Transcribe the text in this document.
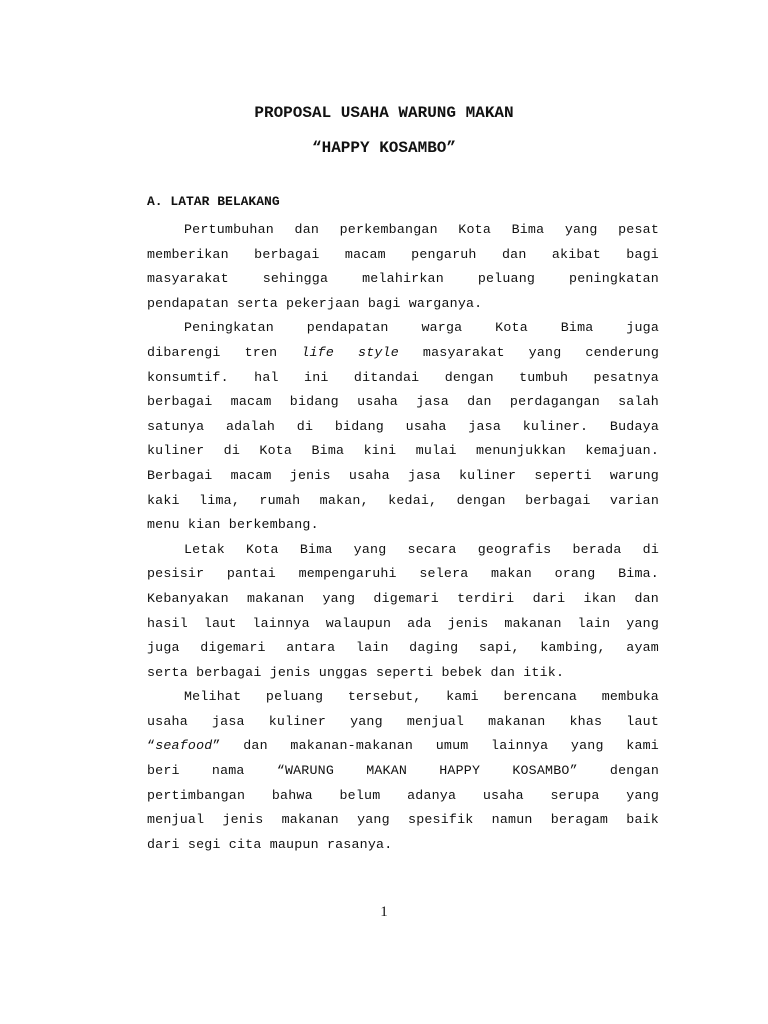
PROPOSAL USAHA WARUNG MAKAN
“HAPPY KOSAMBO”
A. LATAR BELAKANG

Pertumbuhan dan perkembangan Kota Bima yang pesat
memberikan berbagai macam pengaruh dan akibat bagi
masyarakat sehingga melahirkan peluang peningkatan
pendapatan serta pekerjaan bagi warganya.

Peningkatan pendapatan warga Kota Bima juga
dibarengi tren life style masyarakat yang cenderung
konsumtif. hal ini ditandai dengan tumbuh pesatnya
berbagai macam bidang usaha jasa dan perdagangan salah
satunya adalah di bidang usaha jasa kuliner. Budaya
kuliner di Kota Bima kini mulai menunjukkan kemajuan.
Berbagai macam jenis usaha jasa kuliner seperti warung
kaki lima, rumah makan, kedai, dengan berbagai varian
menu kian berkembang.

Letak Kota Bima yang secara geografis berada di
pesisir pantai mempengaruhi selera makan orang Bima.
Kebanyakan makanan yang digemari terdiri dari ikan dan
hasil laut lainnya walaupun ada jenis makanan lain yang
juga digemari antara lain daging sapi, kambing, ayam
serta berbagai jenis unggas seperti bebek dan itik.

Melihat peluang tersebut, kami berencana membuka
usaha jasa kuliner yang menjual makanan khas laut
“seafood” dan makanan-makanan umum lainnya yang kami
beri nama “WARUNG MAKAN HAPPY KOSAMBO” dengan
pertimbangan bahwa belum adanya usaha serupa yang
menjual jenis makanan yang spesifik namun beragam baik
dari segi cita maupun rasanya.

1
